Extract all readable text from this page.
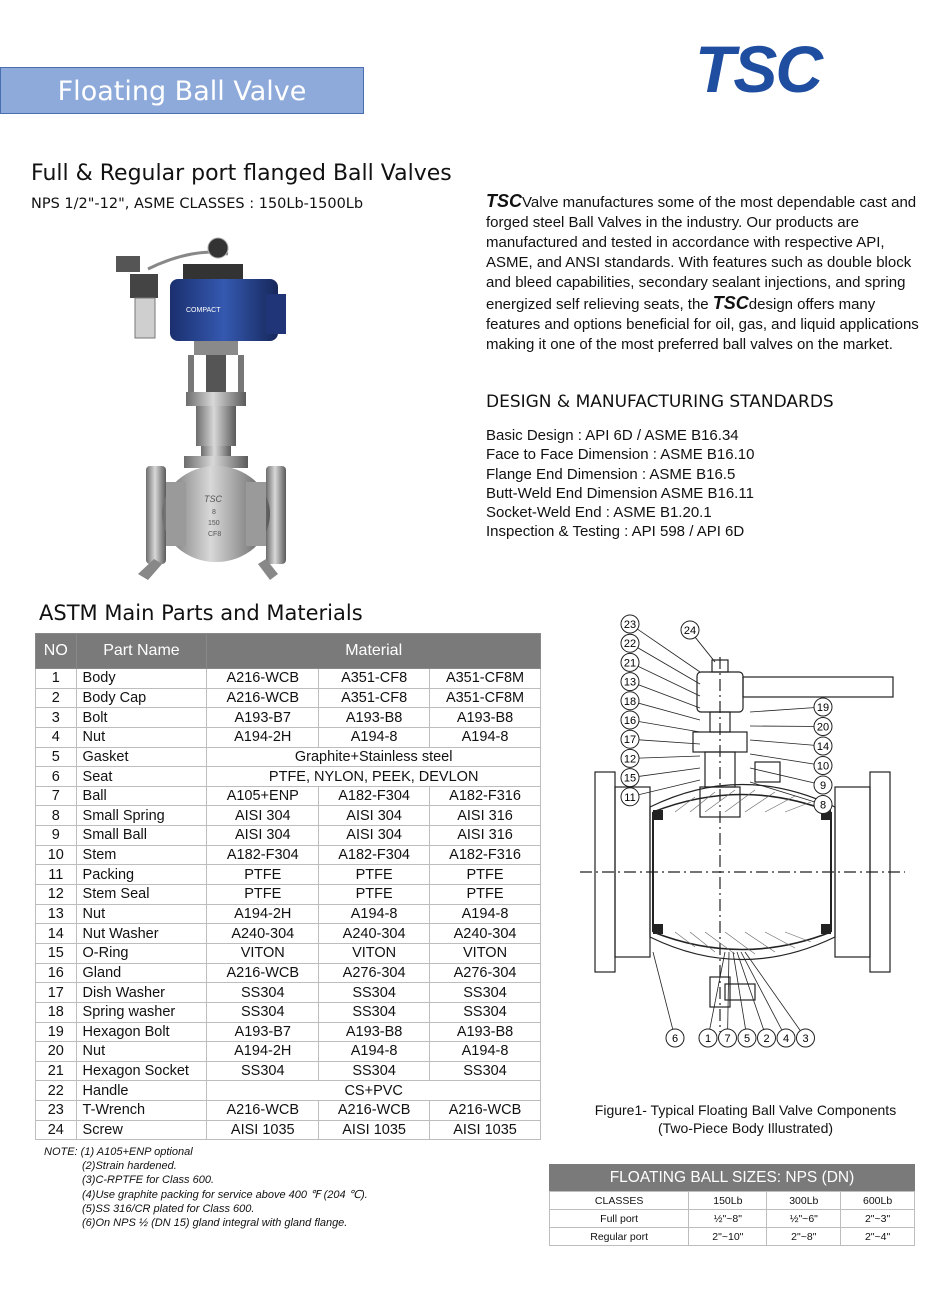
Floating Ball Valve	TSC
Full & Regular port flanged Ball Valves
NPS 1/2"-12", ASME CLASSES : 150Lb-1500Lb	TSCValve manufactures some of the most dependable cast and forged steel Ball Valves in the industry. Our products are manufactured and tested in accordance with respective API, ASME, and ANSI standards. With features such as double block and bleed capabilities, secondary sealant injections, and spring energized self relieving seats, the TSCdesign offers many features and options beneficial for oil, gas, and liquid applications making it one of the most preferred ball valves on the market.

DESIGN & MANUFACTURING STANDARDS
Basic Design : API 6D / ASME B16.34
Face to Face Dimension : ASME B16.10
Flange End Dimension : ASME B16.5
Butt-Weld End Dimension ASME B16.11
Socket-Weld End : ASME B1.20.1
Inspection & Testing : API 598 / API 6D
COMPACT
TSC
8
150
CF8
ASTM Main Parts and Materials
NO	Part Name	Material		
1	Body	A216-WCB	A351-CF8	A351-CF8M
2	Body Cap	A216-WCB	A351-CF8	A351-CF8M
3	Bolt	A193-B7	A193-B8	A193-B8
4	Nut	A194-2H	A194-8	A194-8
5	Gasket	Graphite+Stainless steel		
6	Seat	PTFE, NYLON, PEEK, DEVLON		
7	Ball	A105+ENP	A182-F304	A182-F316
8	Small Spring	AISI 304	AISI 304	AISI 316
9	Small Ball	AISI 304	AISI 304	AISI 316
10	Stem	A182-F304	A182-F304	A182-F316
11	Packing	PTFE	PTFE	PTFE
12	Stem Seal	PTFE	PTFE	PTFE
13	Nut	A194-2H	A194-8	A194-8
14	Nut Washer	A240-304	A240-304	A240-304
15	O-Ring	VITON	VITON	VITON
16	Gland	A216-WCB	A276-304	A276-304
17	Dish Washer	SS304	SS304	SS304
18	Spring washer	SS304	SS304	SS304
19	Hexagon Bolt	A193-B7	A193-B8	A193-B8
20	Nut	A194-2H	A194-8	A194-8
21	Hexagon Socket	SS304	SS304	SS304
22	Handle	CS+PVC		
23	T-Wrench	A216-WCB	A216-WCB	A216-WCB
24	Screw	AISI 1035	AISI 1035	AISI 1035
NOTE: (1) A105+ENP optional
(2)Strain hardened.
(3)C-RPTFE for Class 600.
(4)Use graphite packing for service above 400 ℉ (204 ℃).
(5)SS 316/CR plated for Class 600.
(6)On NPS ½ (DN 15) gland integral with gland flange.
23
22
21
13
18
16
17
12
15
11
19
20
14
10
9
8
6 1 7 5 2 4 3
24
Figure1- Typical Floating Ball Valve Components
(Two-Piece Body Illustrated)
FLOATING BALL SIZES: NPS (DN)
CLASSES	150Lb	300Lb	600Lb
Full port	½"~8"	½"~6"	2"~3"
Regular port	2"~10"	2"~8"	2"~4"
